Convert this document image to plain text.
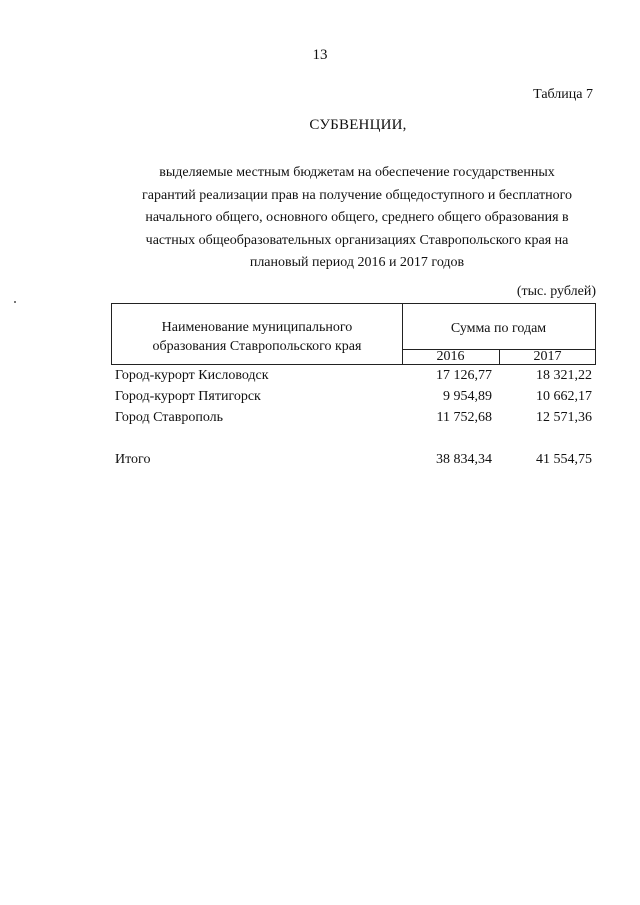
13
Таблица 7
СУБВЕНЦИИ,
выделяемые местным бюджетам на обеспечение государственных
гарантий реализации прав на получение общедоступного и бесплатного
начального общего, основного общего, среднего общего образования в
частных общеобразовательных организациях Ставропольского края на
плановый период 2016 и 2017 годов
(тыс. рублей)
Наименование муниципального
образования Ставропольского края
Сумма по годам
2016	2017
Город-курорт Кисловодск	17 126,77	18 321,22
Город-курорт Пятигорск	9 954,89	10 662,17
Город Ставрополь	11 752,68	12 571,36
Итого	38 834,34	41 554,75
